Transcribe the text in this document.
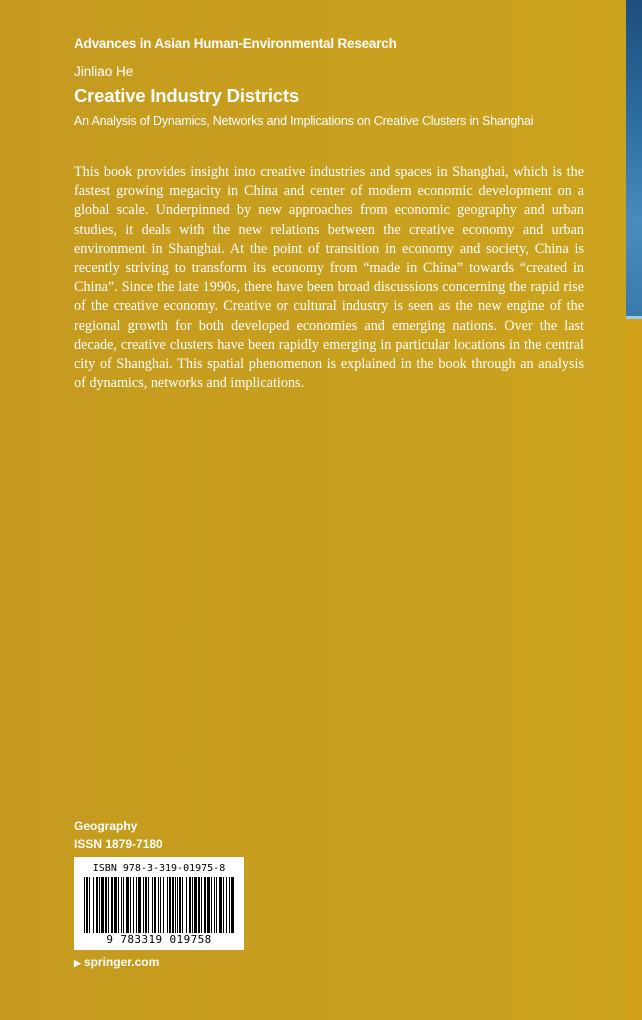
Advances in Asian Human-Environmental Research
Jinliao He
Creative Industry Districts
An Analysis of Dynamics, Networks and Implications on Creative Clusters in Shanghai
This book provides insight into creative industries and spaces in Shanghai, which is the fastest growing megacity in China and center of modern economic development on a global scale. Underpinned by new approaches from economic geography and urban studies, it deals with the new relations between the creative economy and urban environment in Shanghai. At the point of transition in economy and society, China is recently striving to transform its economy from “made in China” towards “created in China”. Since the late 1990s, there have been broad discussions concerning the rapid rise of the creative economy. Creative or cultural industry is seen as the new engine of the regional growth for both developed economies and emerging nations. Over the last decade, creative clusters have been rapidly emerging in particular locations in the central city of Shanghai. This spatial phenomenon is explained in the book through an analysis of dynamics, networks and implications.
Geography
ISSN 1879-7180
ISBN 978-3-319-01975-8
9 783319 019758
▶ springer.com
